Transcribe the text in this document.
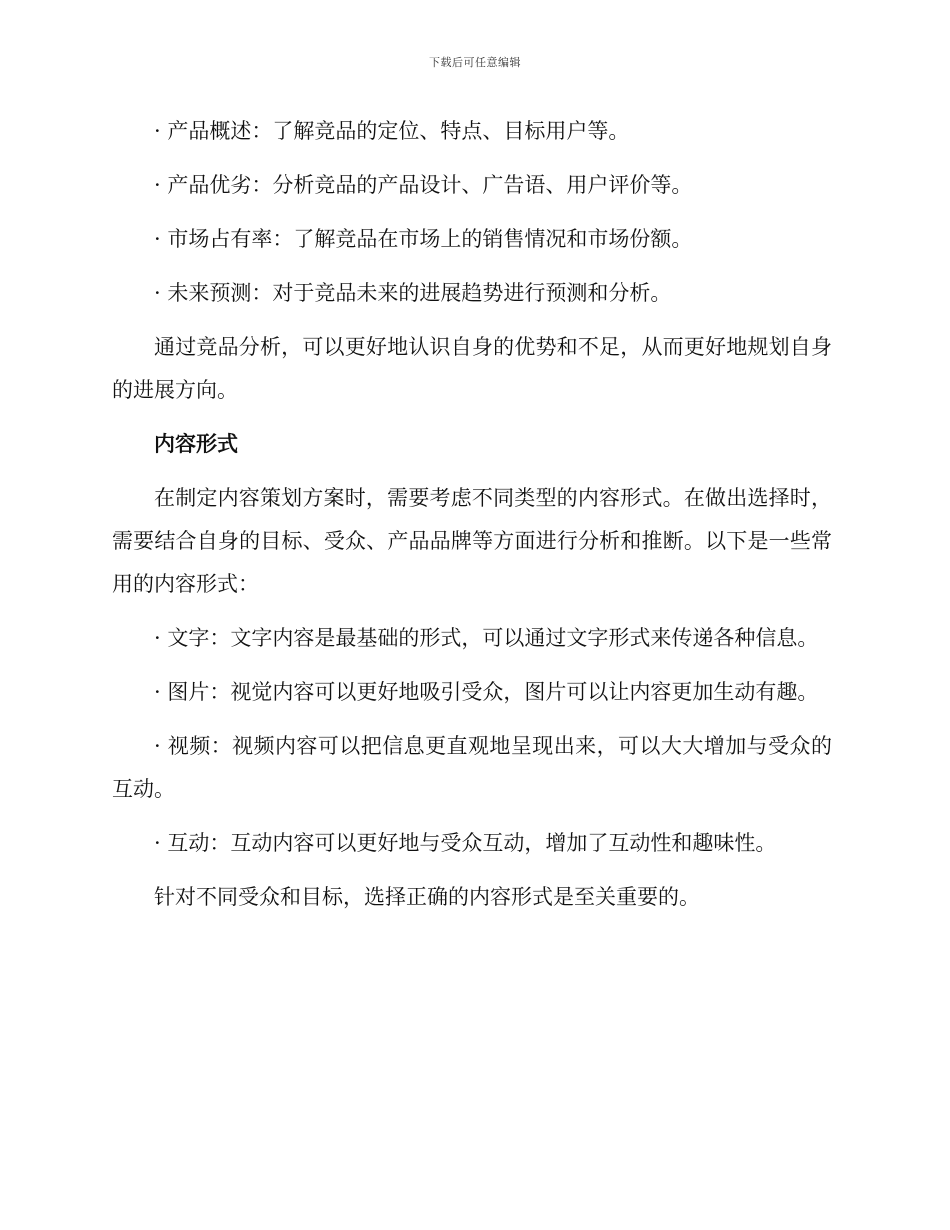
下载后可任意编辑

· 产品概述：了解竞品的定位、特点、目标用户等。

· 产品优劣：分析竞品的产品设计、广告语、用户评价等。

· 市场占有率：了解竞品在市场上的销售情况和市场份额。

· 未来预测：对于竞品未来的进展趋势进行预测和分析。

通过竞品分析，可以更好地认识自身的优势和不足，从而更好地规划自身的进展方向。

内容形式

在制定内容策划方案时，需要考虑不同类型的内容形式。在做出选择时，需要结合自身的目标、受众、产品品牌等方面进行分析和推断。以下是一些常用的内容形式：

· 文字：文字内容是最基础的形式，可以通过文字形式来传递各种信息。

· 图片：视觉内容可以更好地吸引受众，图片可以让内容更加生动有趣。

· 视频：视频内容可以把信息更直观地呈现出来，可以大大增加与受众的互动。

· 互动：互动内容可以更好地与受众互动，增加了互动性和趣味性。

针对不同受众和目标，选择正确的内容形式是至关重要的。
